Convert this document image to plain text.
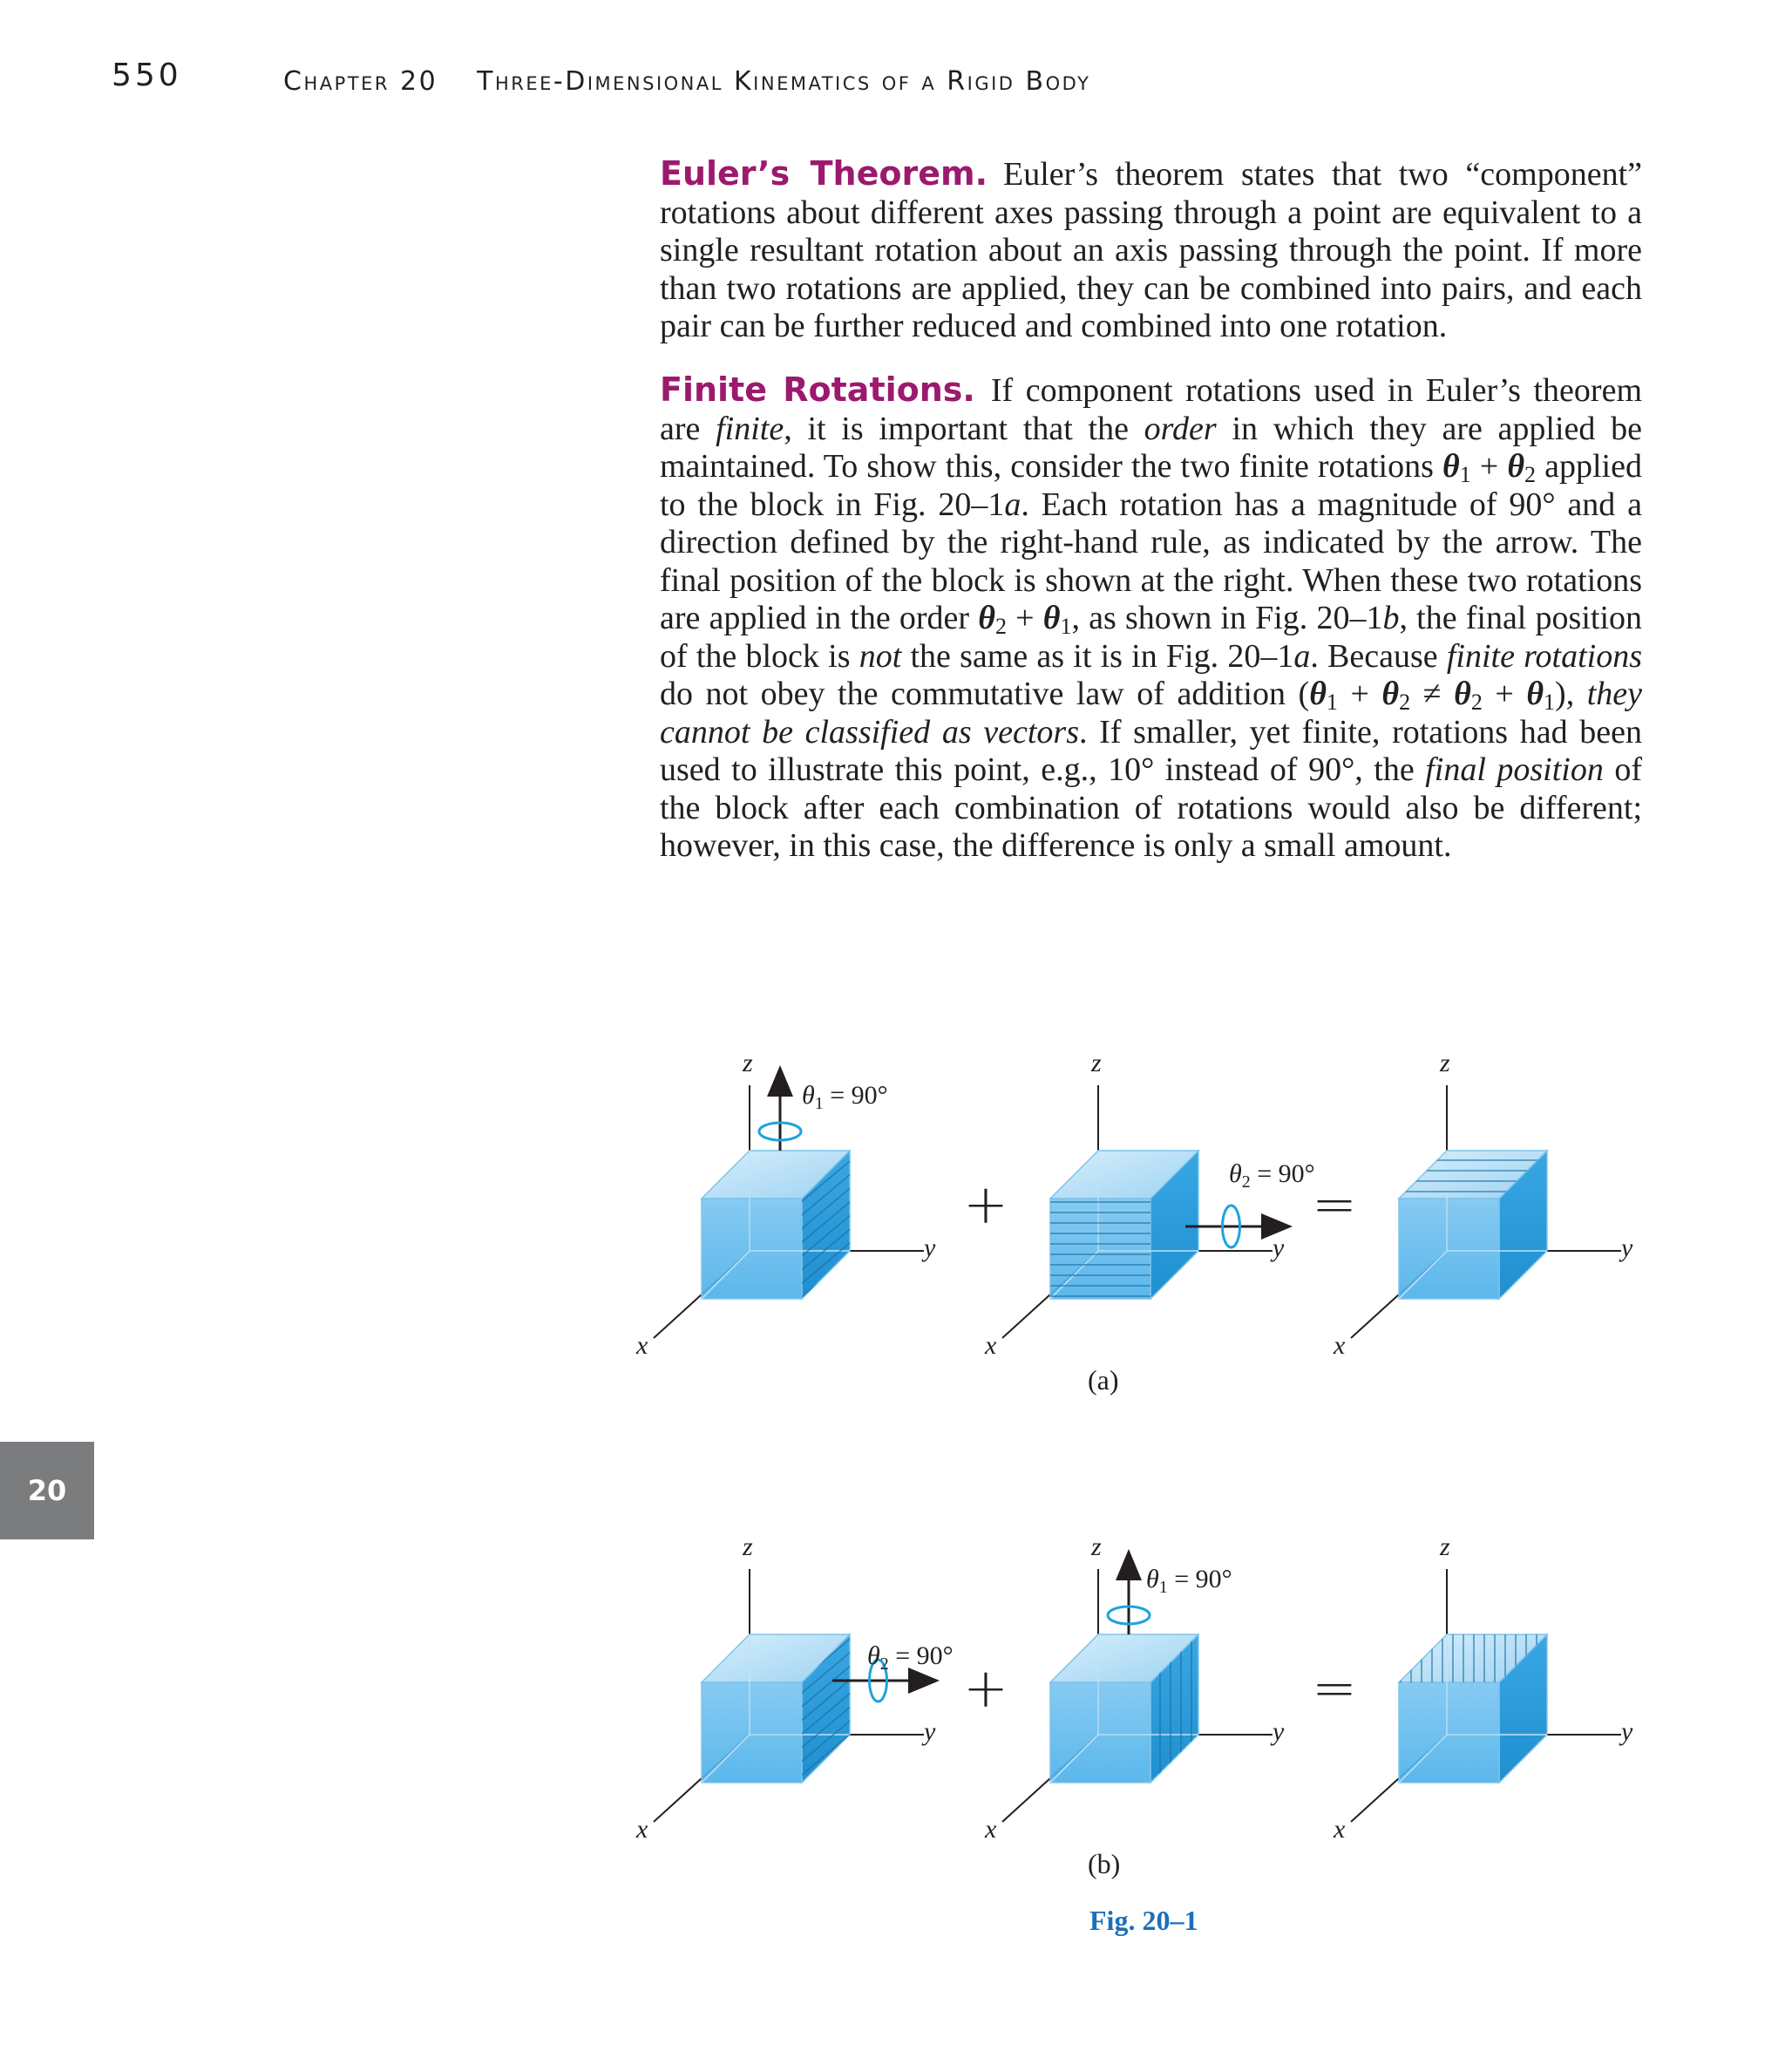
550	Chapter 20 Three-Dimensional Kinematics of a Rigid Body

Euler’s Theorem. Euler’s theorem states that two “component” rotations about different axes passing through a point are equivalent to a single resultant rotation about an axis passing through the point. If more than two rotations are applied, they can be combined into pairs, and each pair can be further reduced and combined into one rotation.

Finite Rotations. If component rotations used in Euler’s theorem are finite, it is important that the order in which they are applied be maintained. To show this, consider the two finite rotations $\theta_1 + \theta_2$ applied to the block in Fig. 20–1a. Each rotation has a magnitude of 90° and a direction defined by the right-hand rule, as indicated by the arrow. The final position of the block is shown at the right. When these two rotations are applied in the order $\theta_2 + \theta_1$, as shown in Fig. 20–1b, the final position of the block is not the same as it is in Fig. 20–1a. Because finite rotations do not obey the commutative law of addition $(\theta_1 + \theta_2 \ne \theta_2 + \theta_1)$, they cannot be classified as vectors. If smaller, yet finite, rotations had been used to illustrate this point, e.g., 10° instead of 90°, the final position of the block after each combination of rotations would also be different; however, in this case, the difference is only a small amount.

20
z
y
x
z
y
x
z
y
x
$\theta_1 = 90^\circ$
$\theta_2 = 90^\circ$
z
y
x
z
y
x
z
y
x
$\theta_2 = 90^\circ$
$\theta_1 = 90^\circ$
+	=
+	=
(a)
(b)
Fig. 20–1
